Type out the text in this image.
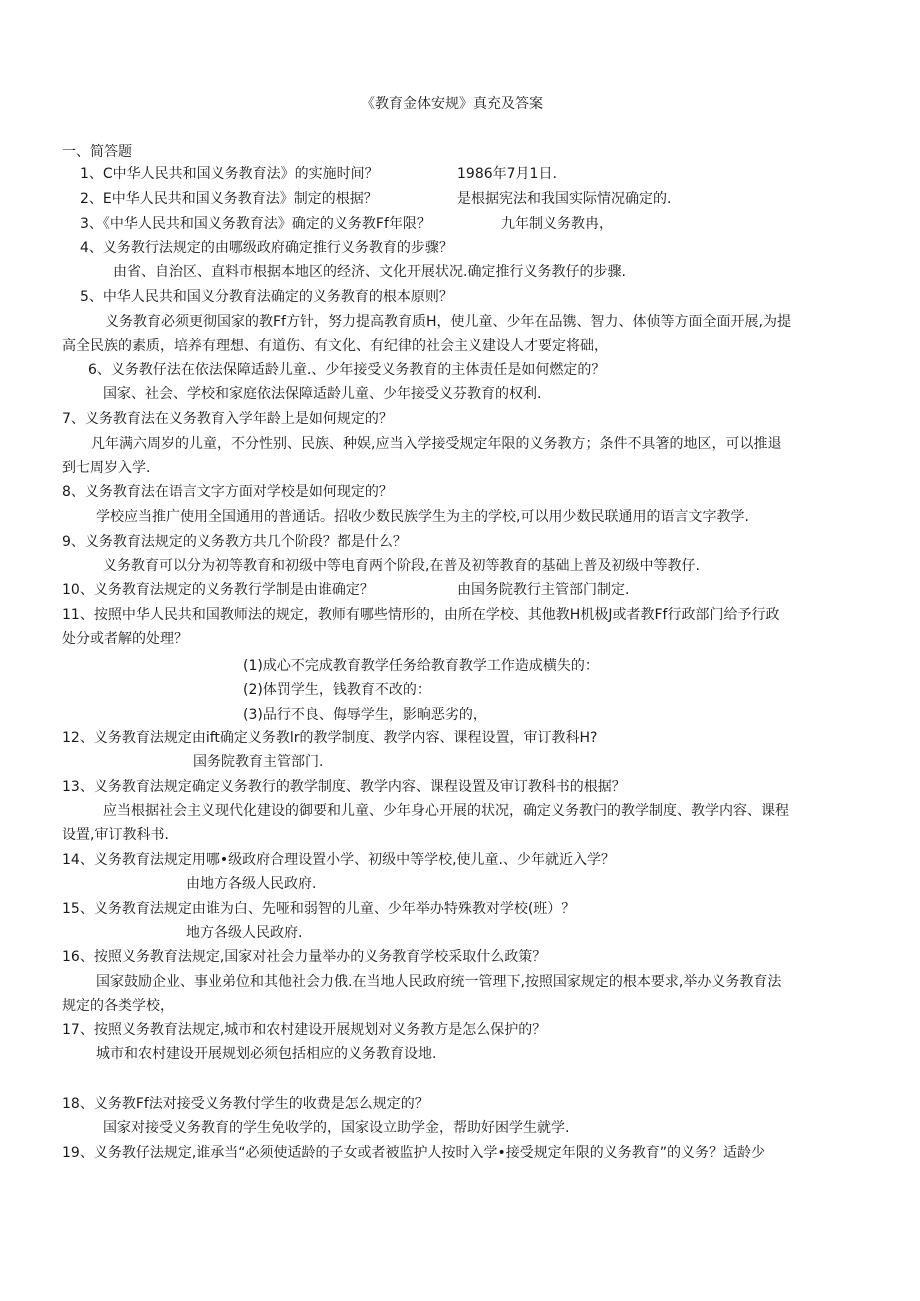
《教育金体安规》真充及答案
一、简答题
1、C中华人民共和国义务教育法》的实施时间？	1986年7月1日.
2、E中华人民共和国义务教育法》制定的根据？	是根据宪法和我国实际情况确定的.
3、《中华人民共和国义务教育法》确定的义务教Ff年限？	九年制义务教冉，
4、义务教行法规定的由哪级政府确定推行义务教育的步骤？
由省、自治区、直料市根据本地区的经济、文化开展状况.确定推行义务教仔的步骤.
5、中华人民共和国义分教育法确定的义务教育的根本原则？
义务教育必须更彻国家的教Ff方针，努力提高教育质H，使儿童、少年在品镌、智力、体侦等方面全面开展,为提
高全民族的素质，培养有理想、有道伤、有文化、有纪律的社会主义建设人才要定将础，
6、义务教仔法在依法保障适龄儿童.、少年接受义务教育的主体责任是如何燃定的？
国家、社会、学校和家庭依法保障适龄儿童、少年接受义芬教育的权利.
7、义务教育法在义务教育入学年龄上是如何规定的？
凡年满六周岁的儿童，不分性别、民族、种娱,应当入学接受规定年限的义务教方；条件不具箸的地区，可以推退
到七周岁入学.
8、义务教育法在语言文字方面对学校是如何现定的？
学校应当推广使用全国通用的普通话。招收少数民族学生为主的学校,可以用少数民联通用的语言文字教学.
9、义务教育法规定的义务教方共几个阶段？都是什么？
义务教育可以分为初等教育和初级中等电育两个阶段,在普及初等教育的基础上普及初级中等教仔.
10、义务教育法规定的义务教行学制是由谁确定？	由国务院教行主管部门制定.
11、按照中华人民共和国教师法的规定，教师有哪些情形的，由所在学校、其他教H机极J或者教Ff行政部门给予行政
处分或者解的处理？
(1)成心不完成教育教学任务给教育教学工作造成横失的：
(2)体罚学生，钱教育不改的：
(3)品行不良、侮辱学生，影晌恶劣的，
12、义务教育法规定由ift确定义务教lr的教学制度、教学内容、课程设置，审订教科H?
国务院教育主管部门.
13、义务教育法规定确定义务教行的教学制度、教学内容、课程设置及审订教科书的根据？
应当根据社会主义现代化建设的御要和儿童、少年身心开展的状况，确定义务教闩的教学制度、教学内容、课程
设置,审订教科书.
14、义务教育法规定用哪•级政府合理设置小学、初级中等学校,使儿童.、少年就近入学？
由地方各级人民政府.
15、义务教育法规定由谁为白、先哑和弱智的儿童、少年举办特殊教对学校(班）？
地方各级人民政府.
16、按照义务教育法规定,国家对社会力量举办的义务教育学校采取什么政策？
国家鼓励企业、事业弟位和其他社会力俄.在当地人民政府统一管理下,按照国家规定的根本要求,举办义务教育法
规定的各类学校，
17、按照义务教育法规定,城市和农村建设开展规划对义务教方是怎么保护的？
城市和农村建设开展规划必须包括相应的义务教育设地.
18、义务教Ff法对接受义务教付学生的收费是怎么规定的？
国家对接受义务教育的学生免收学的，国家设立助学金，帮助好困学生就学.
19、义务教仔法规定,谁承当“必须使适龄的子女或者被监护人按时入学•接受规定年限的义务教育”的义务？适龄少
